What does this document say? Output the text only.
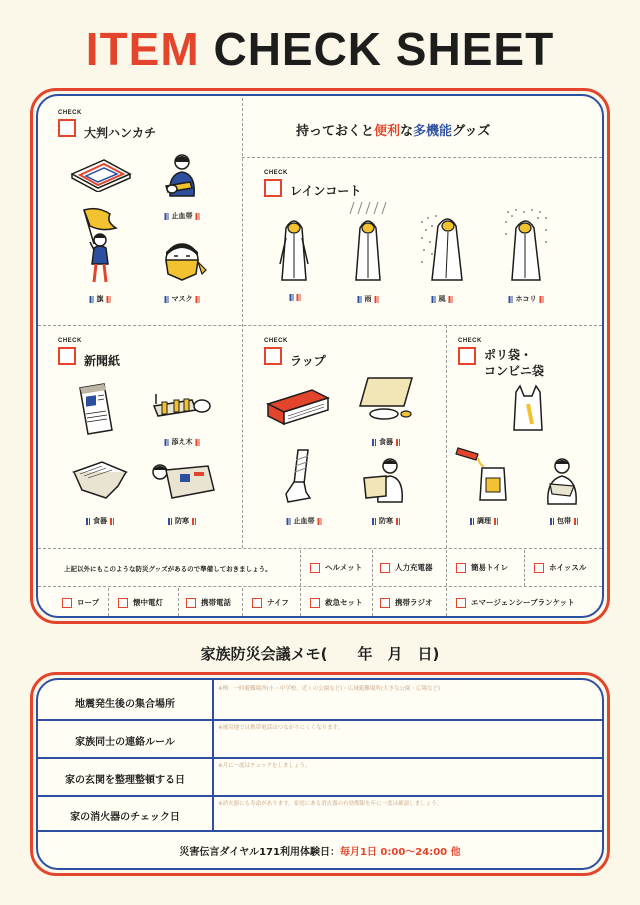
ITEM CHECK SHEET
持っておくと便利な多機能グッズ
CHECK
大判ハンカチ
止血帯
旗	マスク
CHECK
レインコート
雨	風	ホコリ
CHECK
新聞紙
添え木
食器	防寒
CHECK
ラップ
食器
止血帯	防寒
CHECK
ポリ袋・
コンビニ袋
調理	包帯
上記以外にもこのような防災グッズがあるので準備しておきましょう。	ヘルメット	人力充電器	簡易トイレ	ホイッスル
ロープ	懐中電灯	携帯電話	ナイフ	救急セット	携帯ラジオ	エマージェンシーブランケット
家族防災会議メモ(　　年　月　日)
地震発生後の集合場所
※例：一時避難場所(小・中学校、近くの公園など)・広域避難場所(大きな公園・広場など)
家族同士の連絡ルール
※被災地では携帯電話はつながりにくくなります。
家の玄関を整理整頓する日
※月に一度はチェックをしましょう。
家の消火器のチェック日
※消火器にも寿命があります。家庭にある消火器の有効期限を年に一度は確認しましょう。
災害伝言ダイヤル171利用体験日：毎月1日 0:00〜24:00 他
